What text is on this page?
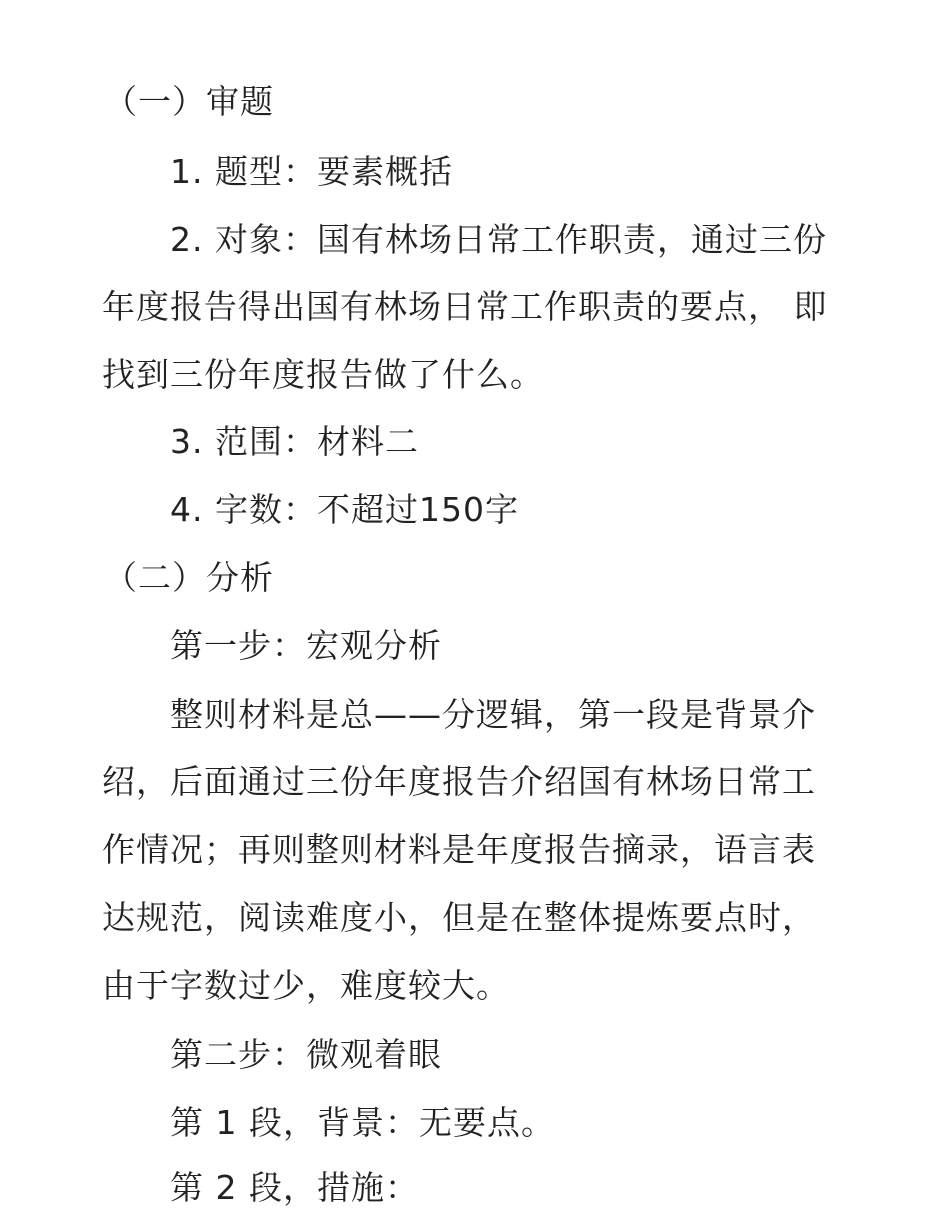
（一）审题
1. 题型：要素概括
2. 对象：国有林场日常工作职责，通过三份
年度报告得出国有林场日常工作职责的要点， 即
找到三份年度报告做了什么。
3. 范围：材料二
4. 字数：不超过150字
（二）分析
第一步：宏观分析
整则材料是总——分逻辑，第一段是背景介
绍，后面通过三份年度报告介绍国有林场日常工
作情况；再则整则材料是年度报告摘录，语言表
达规范，阅读难度小，但是在整体提炼要点时，
由于字数过少，难度较大。
第二步：微观着眼
第 1 段，背景：无要点。
第 2 段，措施：
